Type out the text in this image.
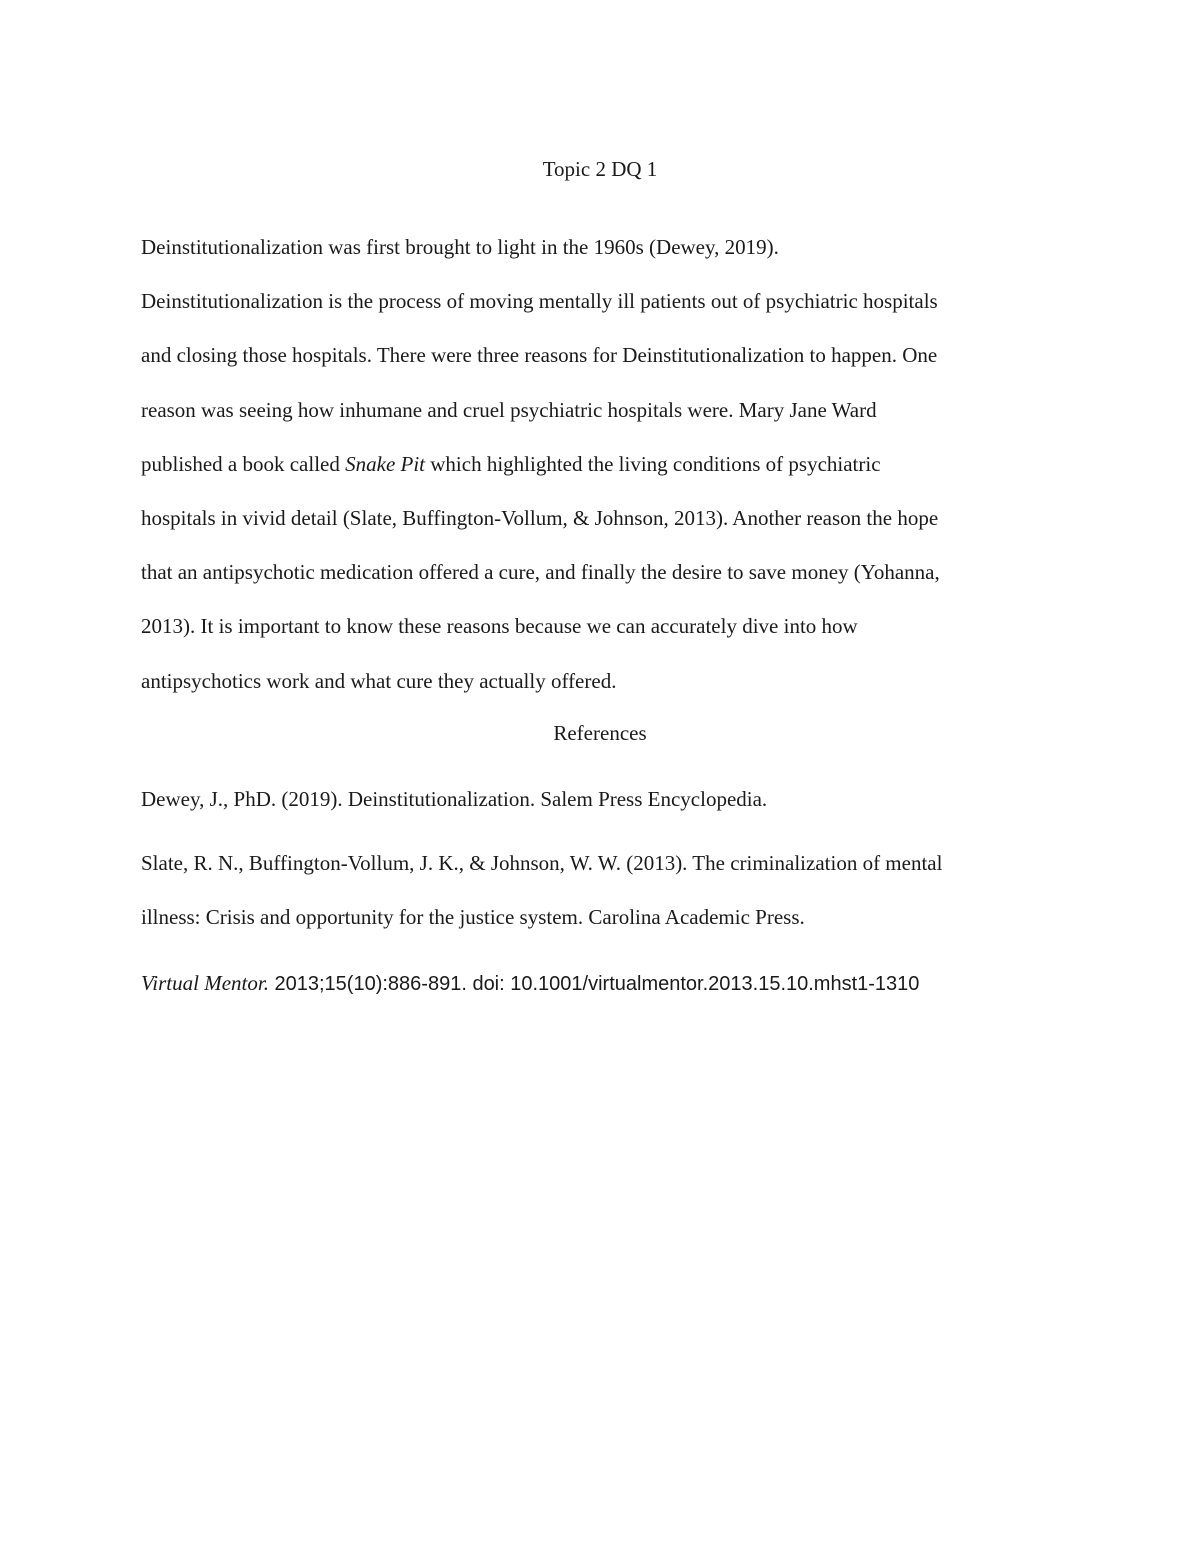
Topic 2 DQ 1
Deinstitutionalization was first brought to light in the 1960s (Dewey, 2019).
Deinstitutionalization is the process of moving mentally ill patients out of psychiatric hospitals
and closing those hospitals. There were three reasons for Deinstitutionalization to happen. One
reason was seeing how inhumane and cruel psychiatric hospitals were. Mary Jane Ward
published a book called Snake Pit which highlighted the living conditions of psychiatric
hospitals in vivid detail (Slate, Buffington-Vollum, & Johnson, 2013). Another reason the hope
that an antipsychotic medication offered a cure, and finally the desire to save money (Yohanna,
2013). It is important to know these reasons because we can accurately dive into how
antipsychotics work and what cure they actually offered.
References
Dewey, J., PhD. (2019). Deinstitutionalization. Salem Press Encyclopedia.
Slate, R. N., Buffington-Vollum, J. K., & Johnson, W. W. (2013). The criminalization of mental
illness: Crisis and opportunity for the justice system. Carolina Academic Press.
Virtual Mentor. 2013;15(10):886-891. doi: 10.1001/virtualmentor.2013.15.10.mhst1-1310
